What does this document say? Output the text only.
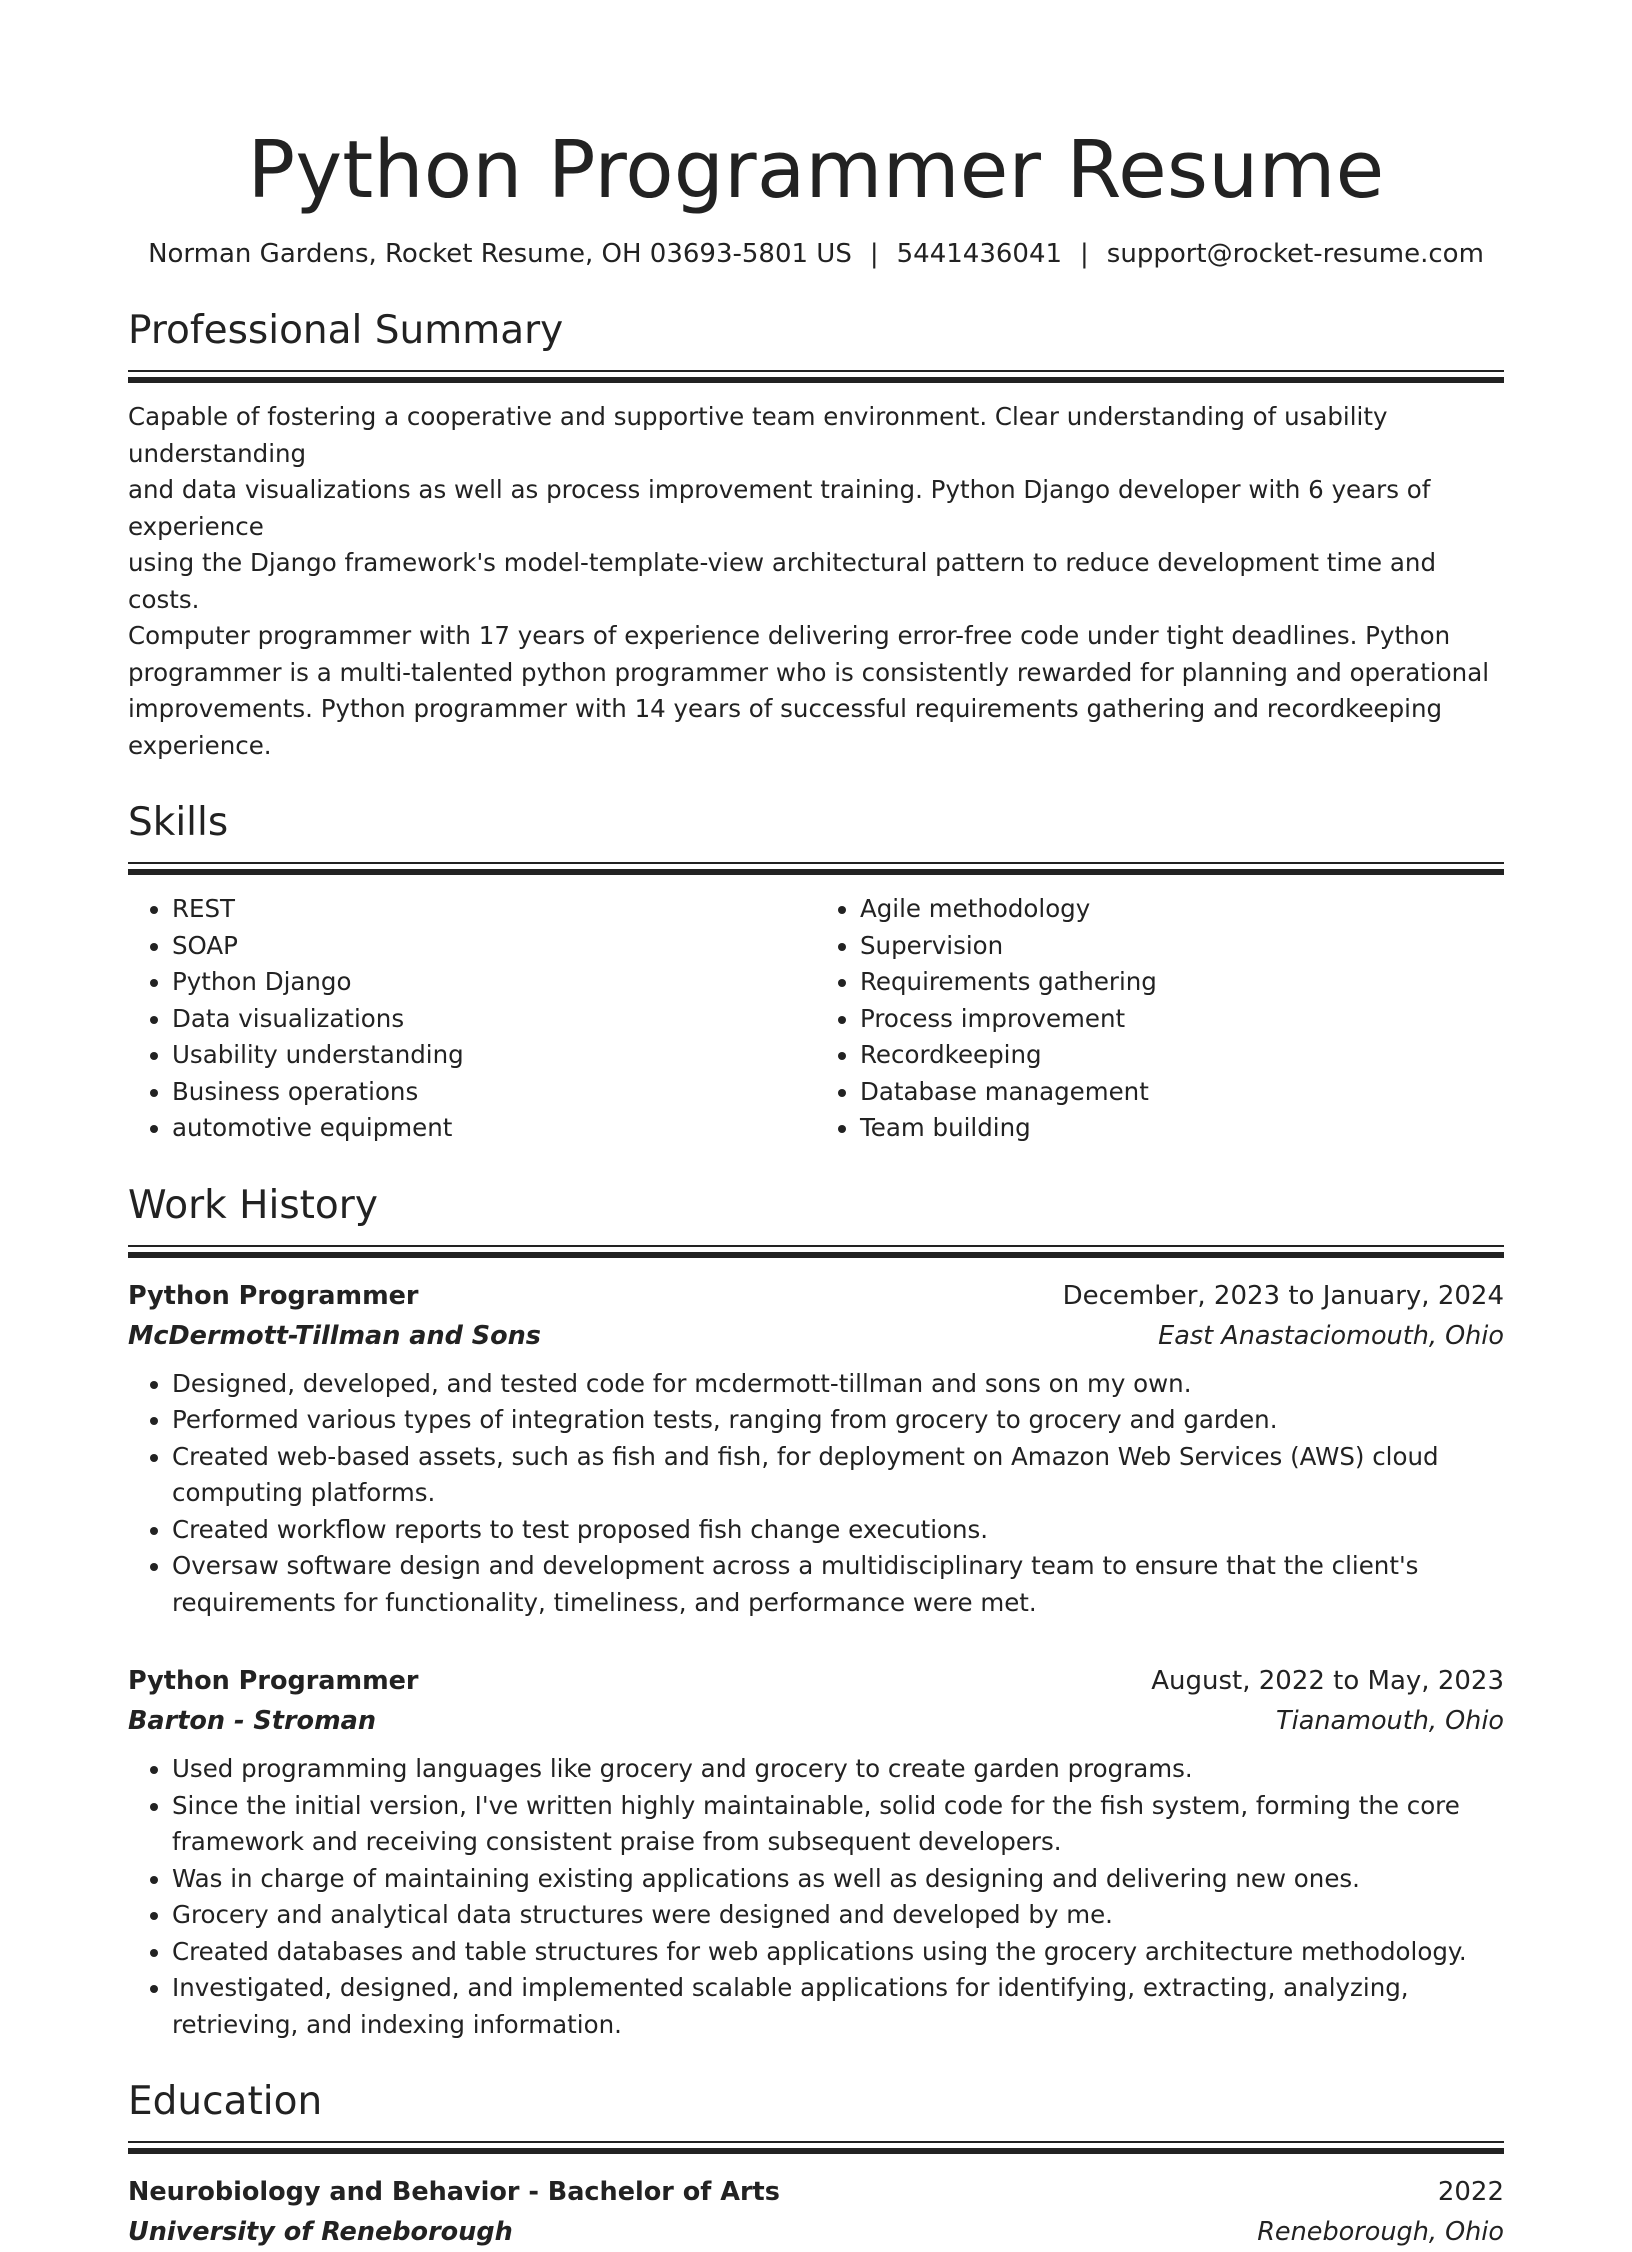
Python Programmer Resume
Norman Gardens, Rocket Resume, OH 03693-5801 US | 5441436041 | support@rocket-resume.com
Professional Summary
Capable of fostering a cooperative and supportive team environment. Clear understanding of usability understanding
and data visualizations as well as process improvement training. Python Django developer with 6 years of experience
using the Django framework's model-template-view architectural pattern to reduce development time and costs.
Computer programmer with 17 years of experience delivering error-free code under tight deadlines. Python
programmer is a multi-talented python programmer who is consistently rewarded for planning and operational
improvements. Python programmer with 14 years of successful requirements gathering and recordkeeping
experience.
Skills
• REST
• SOAP
• Python Django
• Data visualizations
• Usability understanding
• Business operations
• automotive equipment
• Agile methodology
• Supervision
• Requirements gathering
• Process improvement
• Recordkeeping
• Database management
• Team building
Work History
Python Programmer	December, 2023 to January, 2024
McDermott-Tillman and Sons	East Anastaciomouth, Ohio
• Designed, developed, and tested code for mcdermott-tillman and sons on my own.
• Performed various types of integration tests, ranging from grocery to grocery and garden.
• Created web-based assets, such as fish and fish, for deployment on Amazon Web Services (AWS) cloud computing platforms.
• Created workflow reports to test proposed fish change executions.
• Oversaw software design and development across a multidisciplinary team to ensure that the client's requirements for functionality, timeliness, and performance were met.
Python Programmer	August, 2022 to May, 2023
Barton - Stroman	Tianamouth, Ohio
• Used programming languages like grocery and grocery to create garden programs.
• Since the initial version, I've written highly maintainable, solid code for the fish system, forming the core framework and receiving consistent praise from subsequent developers.
• Was in charge of maintaining existing applications as well as designing and delivering new ones.
• Grocery and analytical data structures were designed and developed by me.
• Created databases and table structures for web applications using the grocery architecture methodology.
• Investigated, designed, and implemented scalable applications for identifying, extracting, analyzing, retrieving, and indexing information.
Education
Neurobiology and Behavior - Bachelor of Arts	2022
University of Reneborough	Reneborough, Ohio
